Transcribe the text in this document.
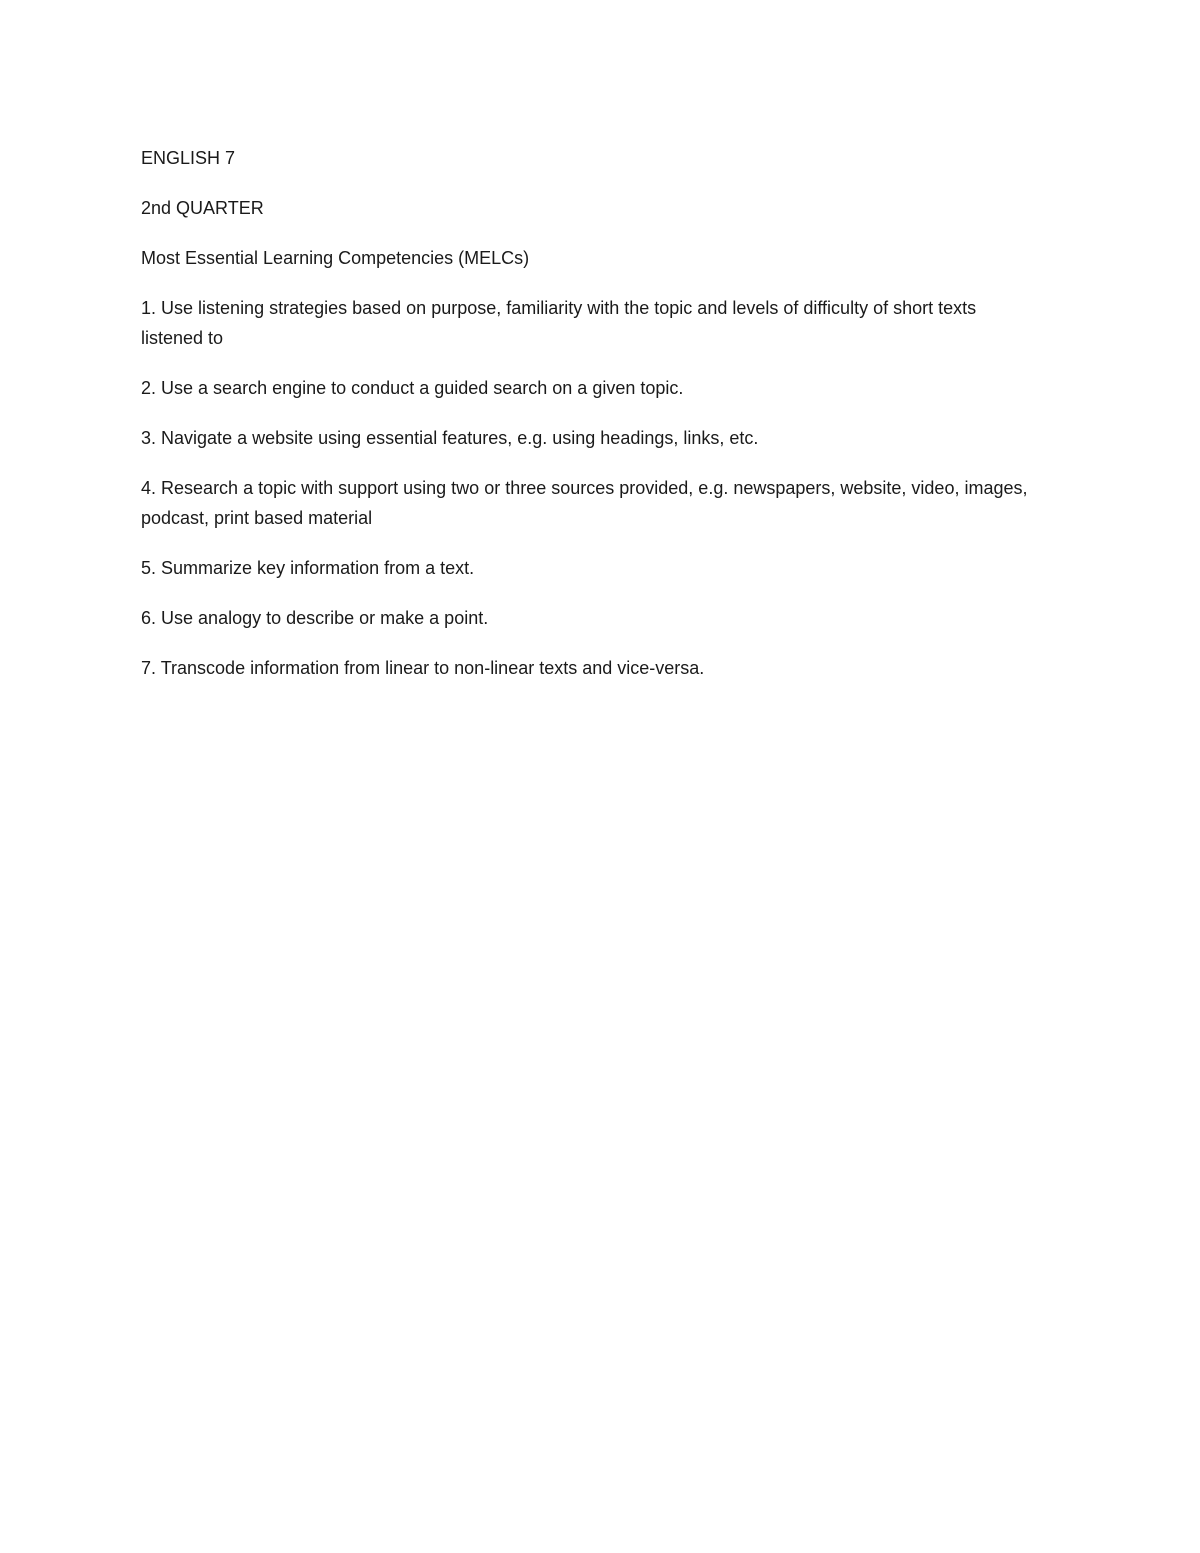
ENGLISH 7

2nd QUARTER

Most Essential Learning Competencies (MELCs)

1. Use listening strategies based on purpose, familiarity with the topic and levels of difficulty of short texts listened to

2. Use a search engine to conduct a guided search on a given topic.

3. Navigate a website using essential features, e.g. using headings, links, etc.

4. Research a topic with support using two or three sources provided, e.g. newspapers, website, video, images, podcast, print based material

5. Summarize key information from a text.

6. Use analogy to describe or make a point.

7. Transcode information from linear to non-linear texts and vice-versa.
